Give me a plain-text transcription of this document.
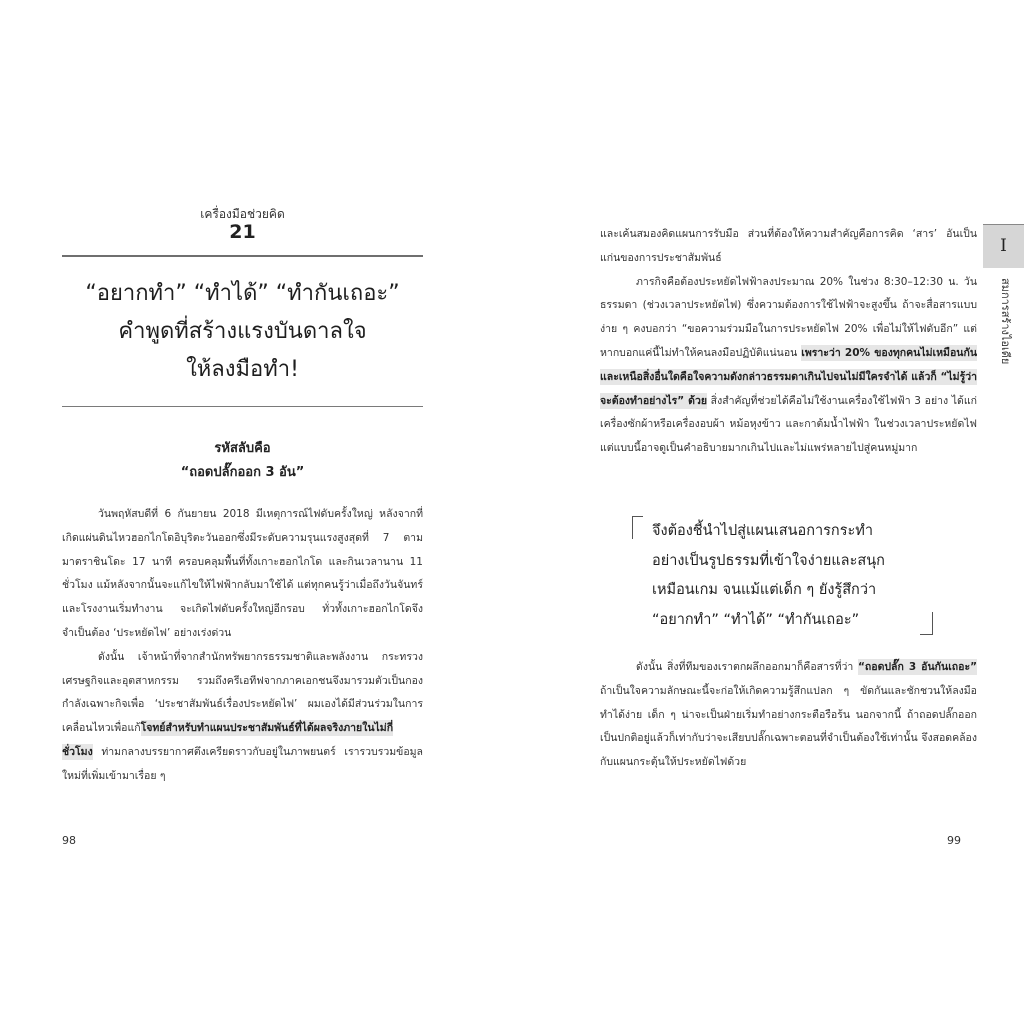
เครื่องมือช่วยคิด
21
“อยากทำ” “ทำได้” “ทำกันเถอะ”
คำพูดที่สร้างแรงบันดาลใจ
ให้ลงมือทำ!
รหัสลับคือ
“ถอดปลั๊กออก 3 อัน”

วันพฤหัสบดีที่ 6 กันยายน 2018 มีเหตุการณ์ไฟดับครั้งใหญ่ หลังจากที่เกิดแผ่นดินไหวฮอกไกโดอิบุริตะวันออกซึ่งมีระดับความรุนแรงสูงสุดที่ 7 ตามมาตราชินโดะ 17 นาที ครอบคลุมพื้นที่ทั้งเกาะฮอกไกโด และกินเวลานาน 11 ชั่วโมง แม้หลังจากนั้นจะแก้ไขให้ไฟฟ้ากลับมาใช้ได้ แต่ทุกคนรู้ว่าเมื่อถึงวันจันทร์และโรงงานเริ่มทำงาน จะเกิดไฟดับครั้งใหญ่อีกรอบ ทั่วทั้งเกาะฮอกไกโดจึงจำเป็นต้อง ‘ประหยัดไฟ’ อย่างเร่งด่วน

ดังนั้น เจ้าหน้าที่จากสำนักทรัพยากรธรรมชาติและพลังงาน กระทรวงเศรษฐกิจและอุตสาหกรรม รวมถึงครีเอทีฟจากภาคเอกชนจึงมารวมตัวเป็นกองกำลังเฉพาะกิจเพื่อ ‘ประชาสัมพันธ์เรื่องประหยัดไฟ’ ผมเองได้มีส่วนร่วมในการเคลื่อนไหวเพื่อแก้โจทย์สำหรับทำแผนประชาสัมพันธ์ที่ได้ผลจริงภายในไม่กี่ชั่วโมง ท่ามกลางบรรยากาศตึงเครียดราวกับอยู่ในภาพยนตร์ เรารวบรวมข้อมูลใหม่ที่เพิ่มเข้ามาเรื่อย ๆ

98

และเค้นสมองคิดแผนการรับมือ ส่วนที่ต้องให้ความสำคัญคือการคิด ‘สาร’ อันเป็นแก่นของการประชาสัมพันธ์

ภารกิจคือต้องประหยัดไฟฟ้าลงประมาณ 20% ในช่วง 8:30–12:30 น. วันธรรมดา (ช่วงเวลาประหยัดไฟ) ซึ่งความต้องการใช้ไฟฟ้าจะสูงขึ้น ถ้าจะสื่อสารแบบง่าย ๆ คงบอกว่า “ขอความร่วมมือในการประหยัดไฟ 20% เพื่อไม่ให้ไฟดับอีก” แต่หากบอกแค่นี้ไม่ทำให้คนลงมือปฏิบัติแน่นอน เพราะว่า 20% ของทุกคนไม่เหมือนกัน และเหนือสิ่งอื่นใดคือใจความดังกล่าวธรรมดาเกินไปจนไม่มีใครจำได้ แล้วก็ “ไม่รู้ว่าจะต้องทำอย่างไร” ด้วย สิ่งสำคัญที่ช่วยได้คือไม่ใช้งานเครื่องใช้ไฟฟ้า 3 อย่าง ได้แก่ เครื่องซักผ้าหรือเครื่องอบผ้า หม้อหุงข้าว และกาต้มน้ำไฟฟ้า ในช่วงเวลาประหยัดไฟ แต่แบบนี้อาจดูเป็นคำอธิบายมากเกินไปและไม่แพร่หลายไปสู่คนหมู่มาก

จึงต้องชี้นำไปสู่แผนเสนอการกระทำ
อย่างเป็นรูปธรรมที่เข้าใจง่ายและสนุก
เหมือนเกม จนแม้แต่เด็ก ๆ ยังรู้สึกว่า
“อยากทำ” “ทำได้” “ทำกันเถอะ”

ดังนั้น สิ่งที่ทีมของเราตกผลึกออกมาก็คือสารที่ว่า “ถอดปลั๊ก 3 อันกันเถอะ” ถ้าเป็นใจความลักษณะนี้จะก่อให้เกิดความรู้สึกแปลก ๆ ขัดกันและชักชวนให้ลงมือทำได้ง่าย เด็ก ๆ น่าจะเป็นฝ่ายเริ่มทำอย่างกระตือรือร้น นอกจากนี้ ถ้าถอดปลั๊กออกเป็นปกติอยู่แล้วก็เท่ากับว่าจะเสียบปลั๊กเฉพาะตอนที่จำเป็นต้องใช้เท่านั้น จึงสอดคล้องกับแผนกระตุ้นให้ประหยัดไฟด้วย

99
I
สมการสร้างไอเดีย
